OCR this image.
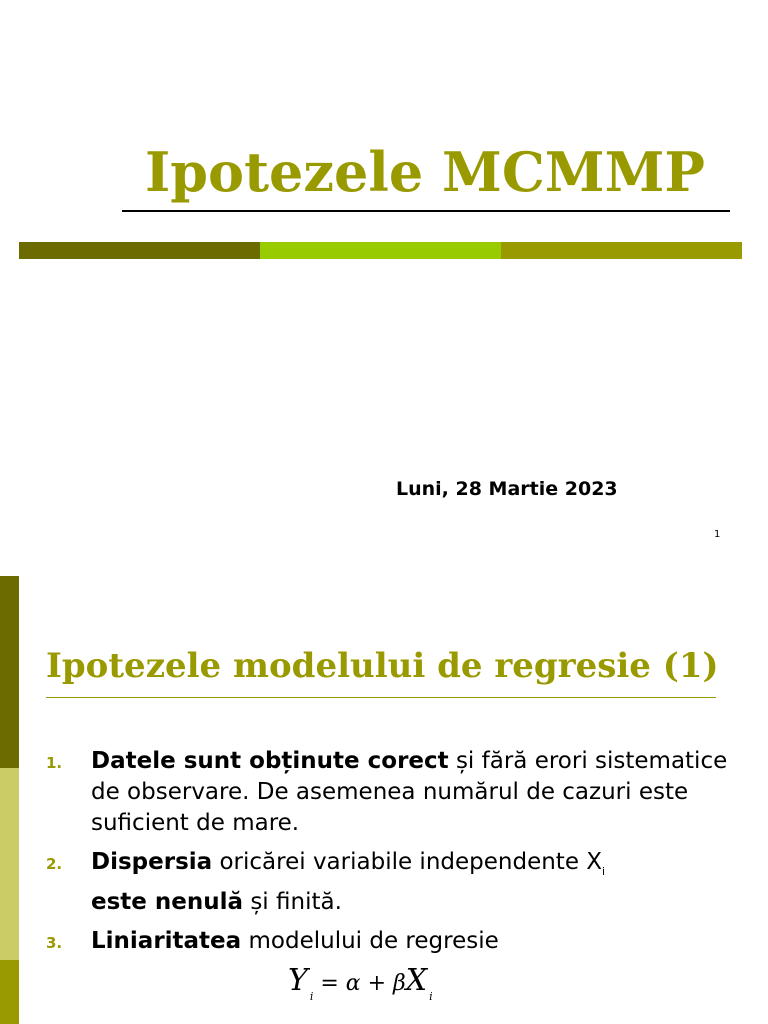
Ipotezele MCMMP
Luni, 28 Martie 2023
1
Ipotezele modelului de regresie (1)
1. Datele sunt obținute corect și fără erori sistematice de observare. De asemenea numărul de cazuri este suficient de mare.
2. Dispersia oricărei variabile independente $X_i$
este nenulă și finită.
3. Liniaritatea modelului de regresie
Y $_i$ = α + βX $_i$
